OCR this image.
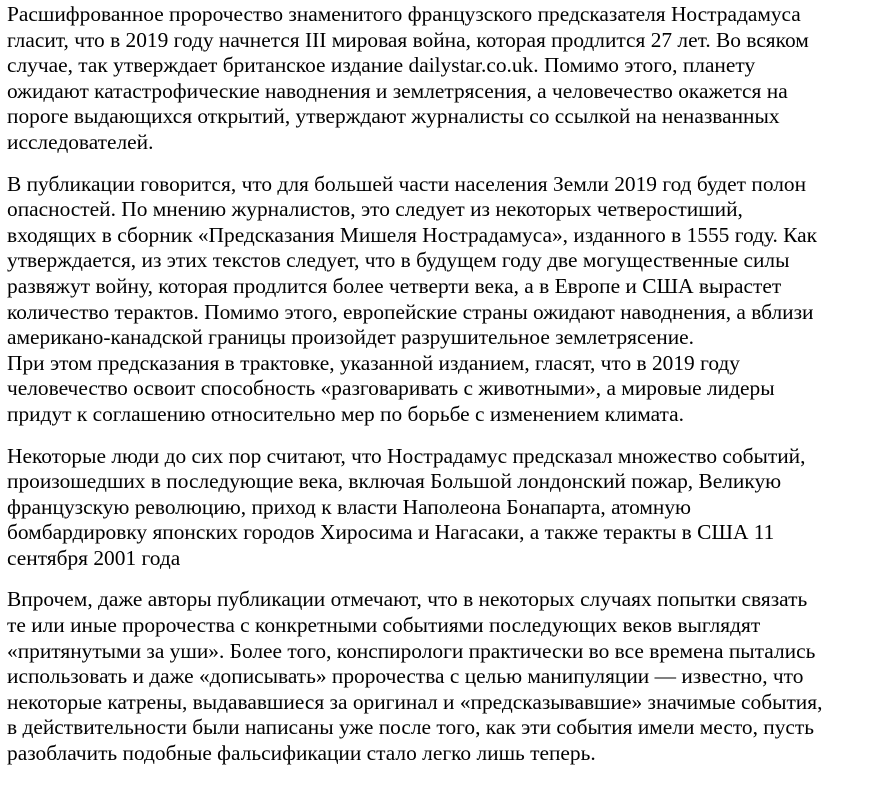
Расшифрованное пророчество знаменитого французского предсказателя Нострадамуса
гласит, что в 2019 году начнется III мировая война, которая продлится 27 лет. Во всяком
случае, так утверждает британское издание dailystar.co.uk. Помимо этого, планету
ожидают катастрофические наводнения и землетрясения, а человечество окажется на
пороге выдающихся открытий, утверждают журналисты со ссылкой на неназванных
исследователей.

В публикации говорится, что для большей части населения Земли 2019 год будет полон
опасностей. По мнению журналистов, это следует из некоторых четверостиший,
входящих в сборник «Предсказания Мишеля Нострадамуса», изданного в 1555 году. Как
утверждается, из этих текстов следует, что в будущем году две могущественные силы
развяжут войну, которая продлится более четверти века, а в Европе и США вырастет
количество терактов. Помимо этого, европейские страны ожидают наводнения, а вблизи
американо-канадской границы произойдет разрушительное землетрясение.
При этом предсказания в трактовке, указанной изданием, гласят, что в 2019 году
человечество освоит способность «разговаривать с животными», а мировые лидеры
придут к соглашению относительно мер по борьбе с изменением климата.

Некоторые люди до сих пор считают, что Нострадамус предсказал множество событий,
произошедших в последующие века, включая Большой лондонский пожар, Великую
французскую революцию, приход к власти Наполеона Бонапарта, атомную
бомбардировку японских городов Хиросима и Нагасаки, а также теракты в США 11
сентября 2001 года

Впрочем, даже авторы публикации отмечают, что в некоторых случаях попытки связать
те или иные пророчества с конкретными событиями последующих веков выглядят
«притянутыми за уши». Более того, конспирологи практически во все времена пытались
использовать и даже «дописывать» пророчества с целью манипуляции — известно, что
некоторые катрены, выдававшиеся за оригинал и «предсказывавшие» значимые события,
в действительности были написаны уже после того, как эти события имели место, пусть
разоблачить подобные фальсификации стало легко лишь теперь.
